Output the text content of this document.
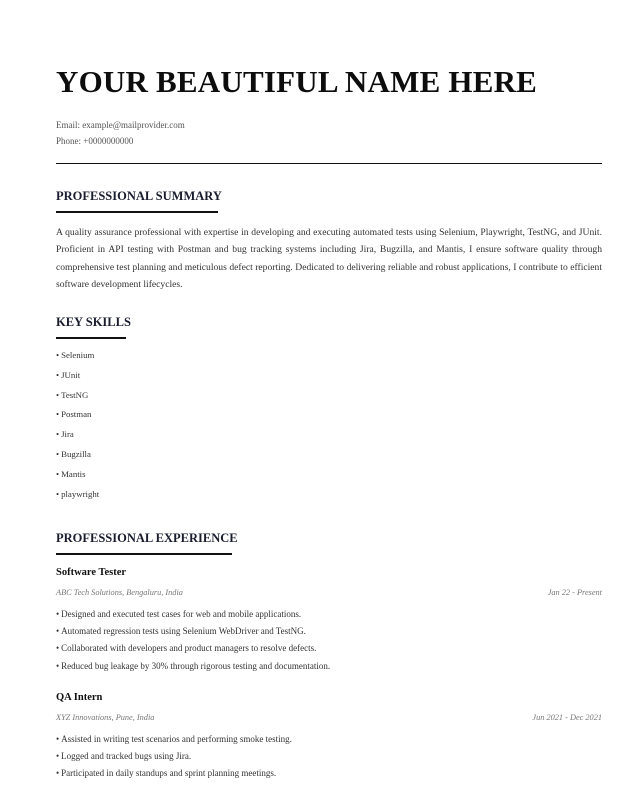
YOUR BEAUTIFUL NAME HERE
Email: example@mailprovider.com
Phone: +0000000000
PROFESSIONAL SUMMARY

A quality assurance professional with expertise in developing and executing automated tests using Selenium, Playwright, TestNG, and JUnit. Proficient in API testing with Postman and bug tracking systems including Jira, Bugzilla, and Mantis, I ensure software quality through comprehensive test planning and meticulous defect reporting. Dedicated to delivering reliable and robust applications, I contribute to efficient software development lifecycles.

KEY SKILLS
• Selenium
• JUnit
• TestNG
• Postman
• Jira
• Bugzilla
• Mantis
• playwright
PROFESSIONAL EXPERIENCE
Software Tester
ABC Tech Solutions, Bengaluru, India	Jan 22 - Present
• Designed and executed test cases for web and mobile applications.
• Automated regression tests using Selenium WebDriver and TestNG.
• Collaborated with developers and product managers to resolve defects.
• Reduced bug leakage by 30% through rigorous testing and documentation.
QA Intern
XYZ Innovations, Pune, India	Jun 2021 - Dec 2021
• Assisted in writing test scenarios and performing smoke testing.
• Logged and tracked bugs using Jira.
• Participated in daily standups and sprint planning meetings.
